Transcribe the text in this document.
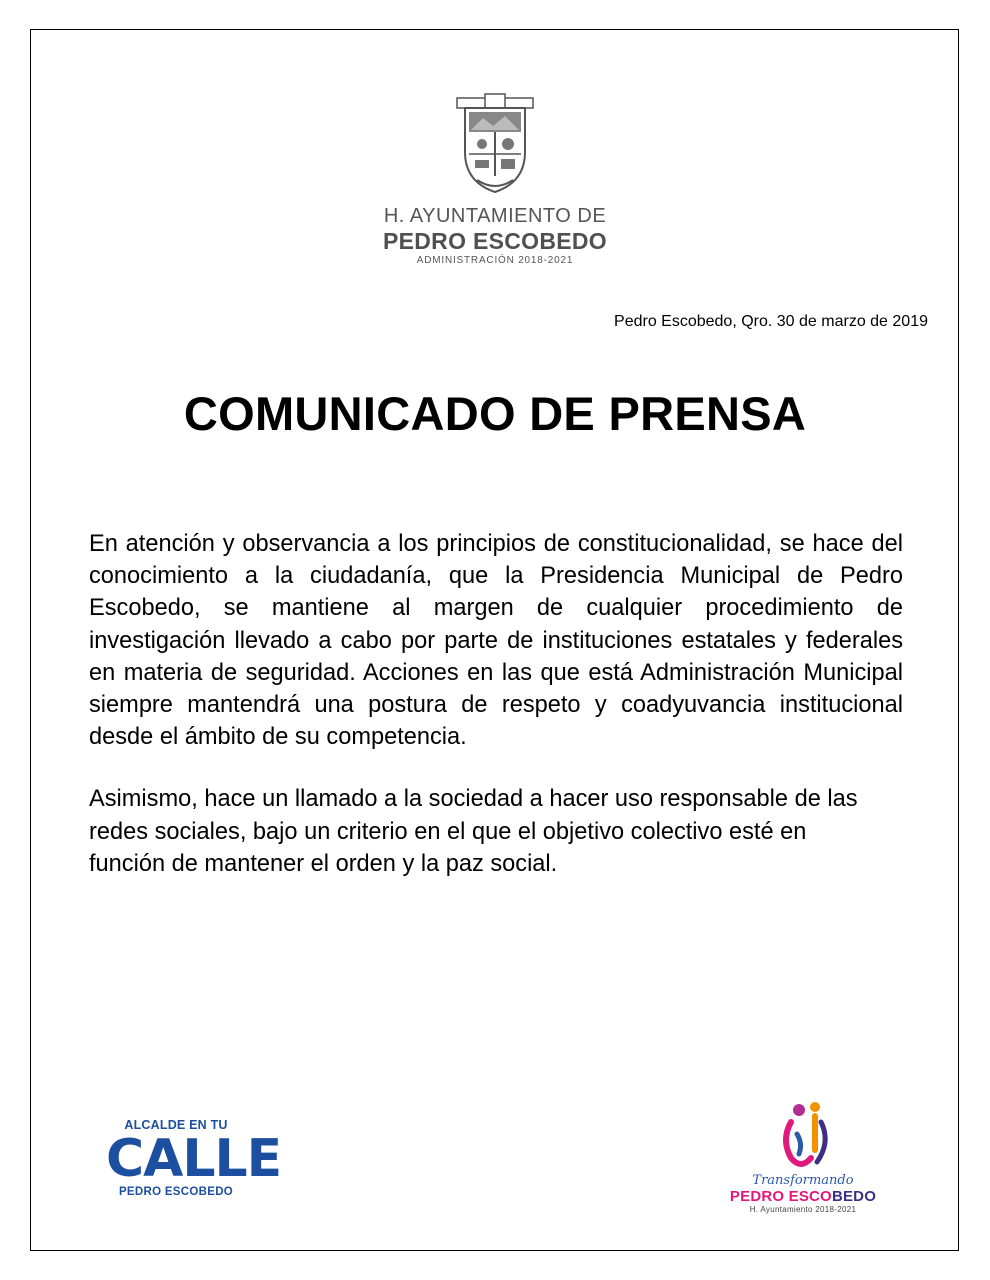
H. AYUNTAMIENTO DE
PEDRO ESCOBEDO
ADMINISTRACIÓN 2018-2021
Pedro Escobedo, Qro. 30 de marzo de 2019
COMUNICADO DE PRENSA

En atención y observancia a los principios de constitucionalidad, se hace del conocimiento a la ciudadanía, que la Presidencia Municipal de Pedro Escobedo, se mantiene al margen de cualquier procedimiento de investigación llevado a cabo por parte de instituciones estatales y federales en materia de seguridad. Acciones en las que está Administración Municipal siempre mantendrá una postura de respeto y coadyuvancia institucional desde el ámbito de su competencia.

Asimismo, hace un llamado a la sociedad a hacer uso responsable de las redes sociales, bajo un criterio en el que el objetivo colectivo esté en función de mantener el orden y la paz social.

ALCALDE EN TU
CALLE
PEDRO ESCOBEDO
Transformando
PEDRO ESCOBEDO
H. Ayuntamiento 2018-2021
